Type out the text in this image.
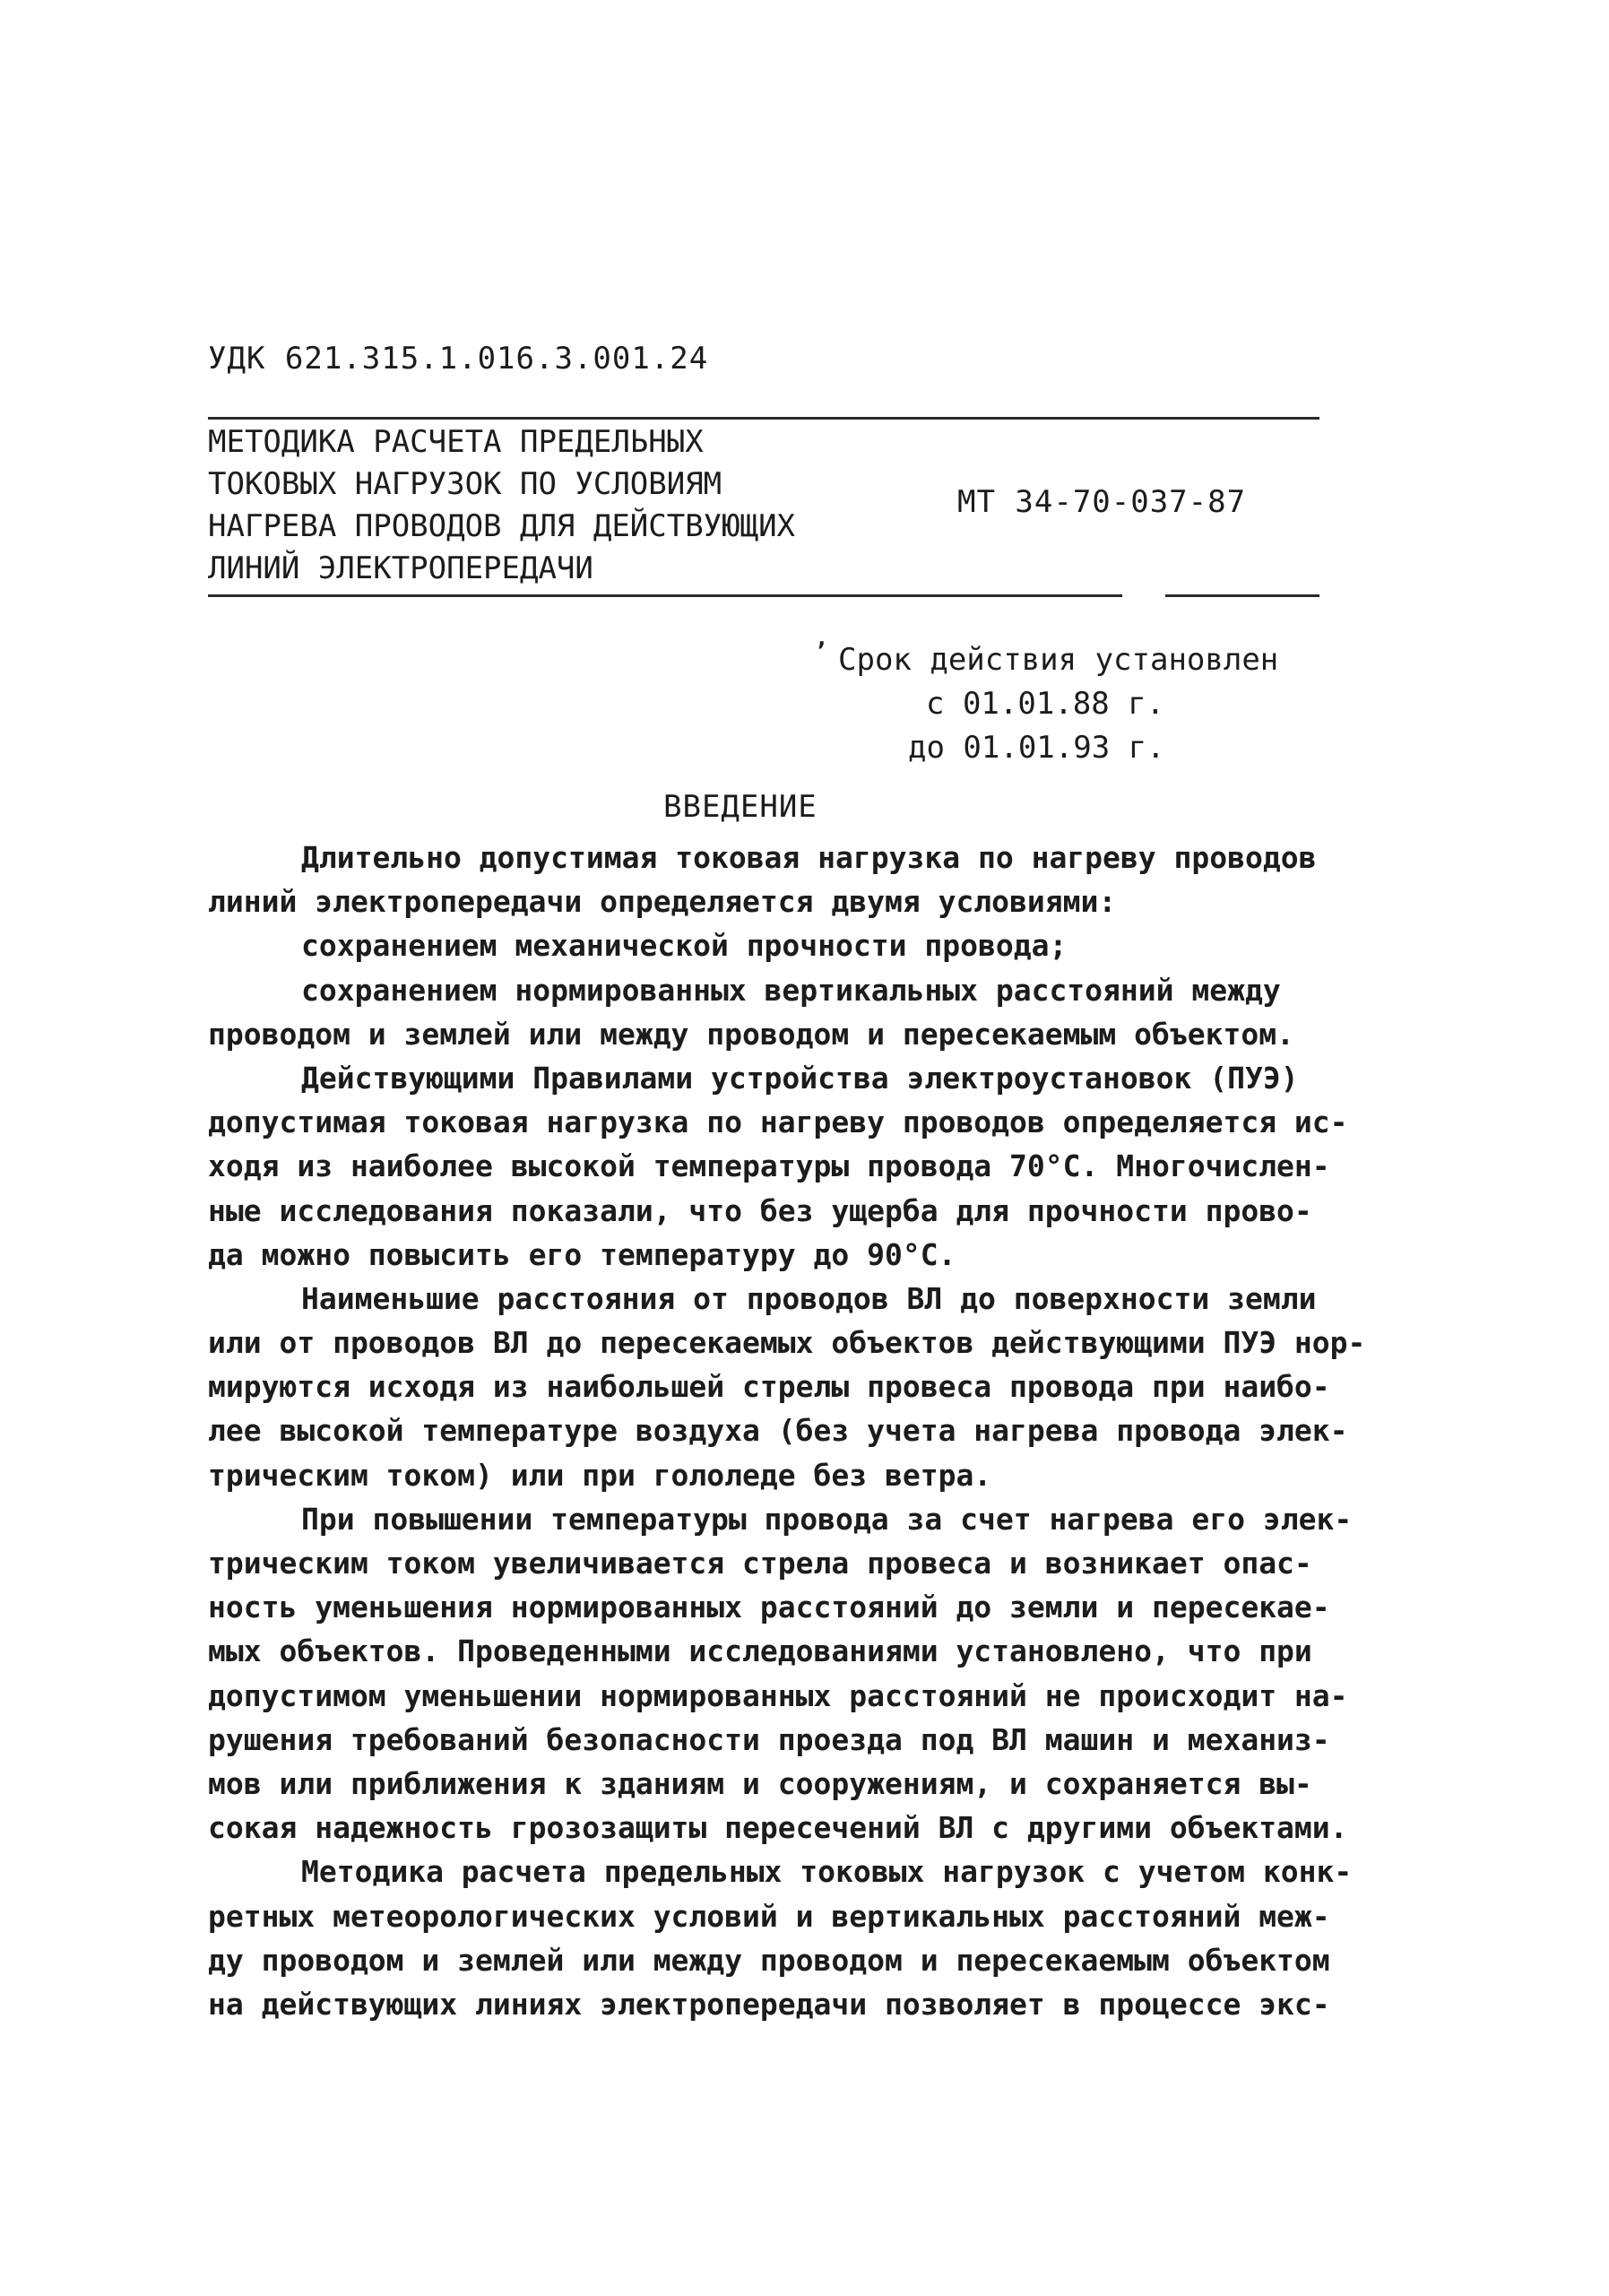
УДК 621.315.1.016.3.001.24
МЕТОДИКА РАСЧЕТА ПРЕДЕЛЬНЫХ
ТОКОВЫХ НАГРУЗОК ПО УСЛОВИЯМ
НАГРЕВА ПРОВОДОВ ДЛЯ ДЕЙСТВУЮЩИХ
ЛИНИЙ ЭЛЕКТРОПЕРЕДАЧИ
МТ 34-70-037-87
ʼ Срок действия установлен
с 01.01.88 г.
до 01.01.93 г.
ВВЕДЕНИЕ
Длительно допустимая токовая нагрузка по нагреву проводов
линий электропередачи определяется двумя условиями:
сохранением механической прочности провода;
сохранением нормированных вертикальных расстояний между
проводом и землей или между проводом и пересекаемым объектом.
Действующими Правилами устройства электроустановок (ПУЭ)
допустимая токовая нагрузка по нагреву проводов определяется ис-
ходя из наиболее высокой температуры провода 70°С. Многочислен-
ные исследования показали, что без ущерба для прочности прово-
да можно повысить его температуру до 90°С.
Наименьшие расстояния от проводов ВЛ до поверхности земли
или от проводов ВЛ до пересекаемых объектов действующими ПУЭ нор-
мируются исходя из наибольшей стрелы провеса провода при наибо-
лее высокой температуре воздуха (без учета нагрева провода элек-
трическим током) или при гололеде без ветра.
При повышении температуры провода за счет нагрева его элек-
трическим током увеличивается стрела провеса и возникает опас-
ность уменьшения нормированных расстояний до земли и пересекае-
мых объектов. Проведенными исследованиями установлено, что при
допустимом уменьшении нормированных расстояний не происходит на-
рушения требований безопасности проезда под ВЛ машин и механиз-
мов или приближения к зданиям и сооружениям, и сохраняется вы-
сокая надежность грозозащиты пересечений ВЛ с другими объектами.
Методика расчета предельных токовых нагрузок с учетом конк-
ретных метеорологических условий и вертикальных расстояний меж-
ду проводом и землей или между проводом и пересекаемым объектом
на действующих линиях электропередачи позволяет в процессе экс-
